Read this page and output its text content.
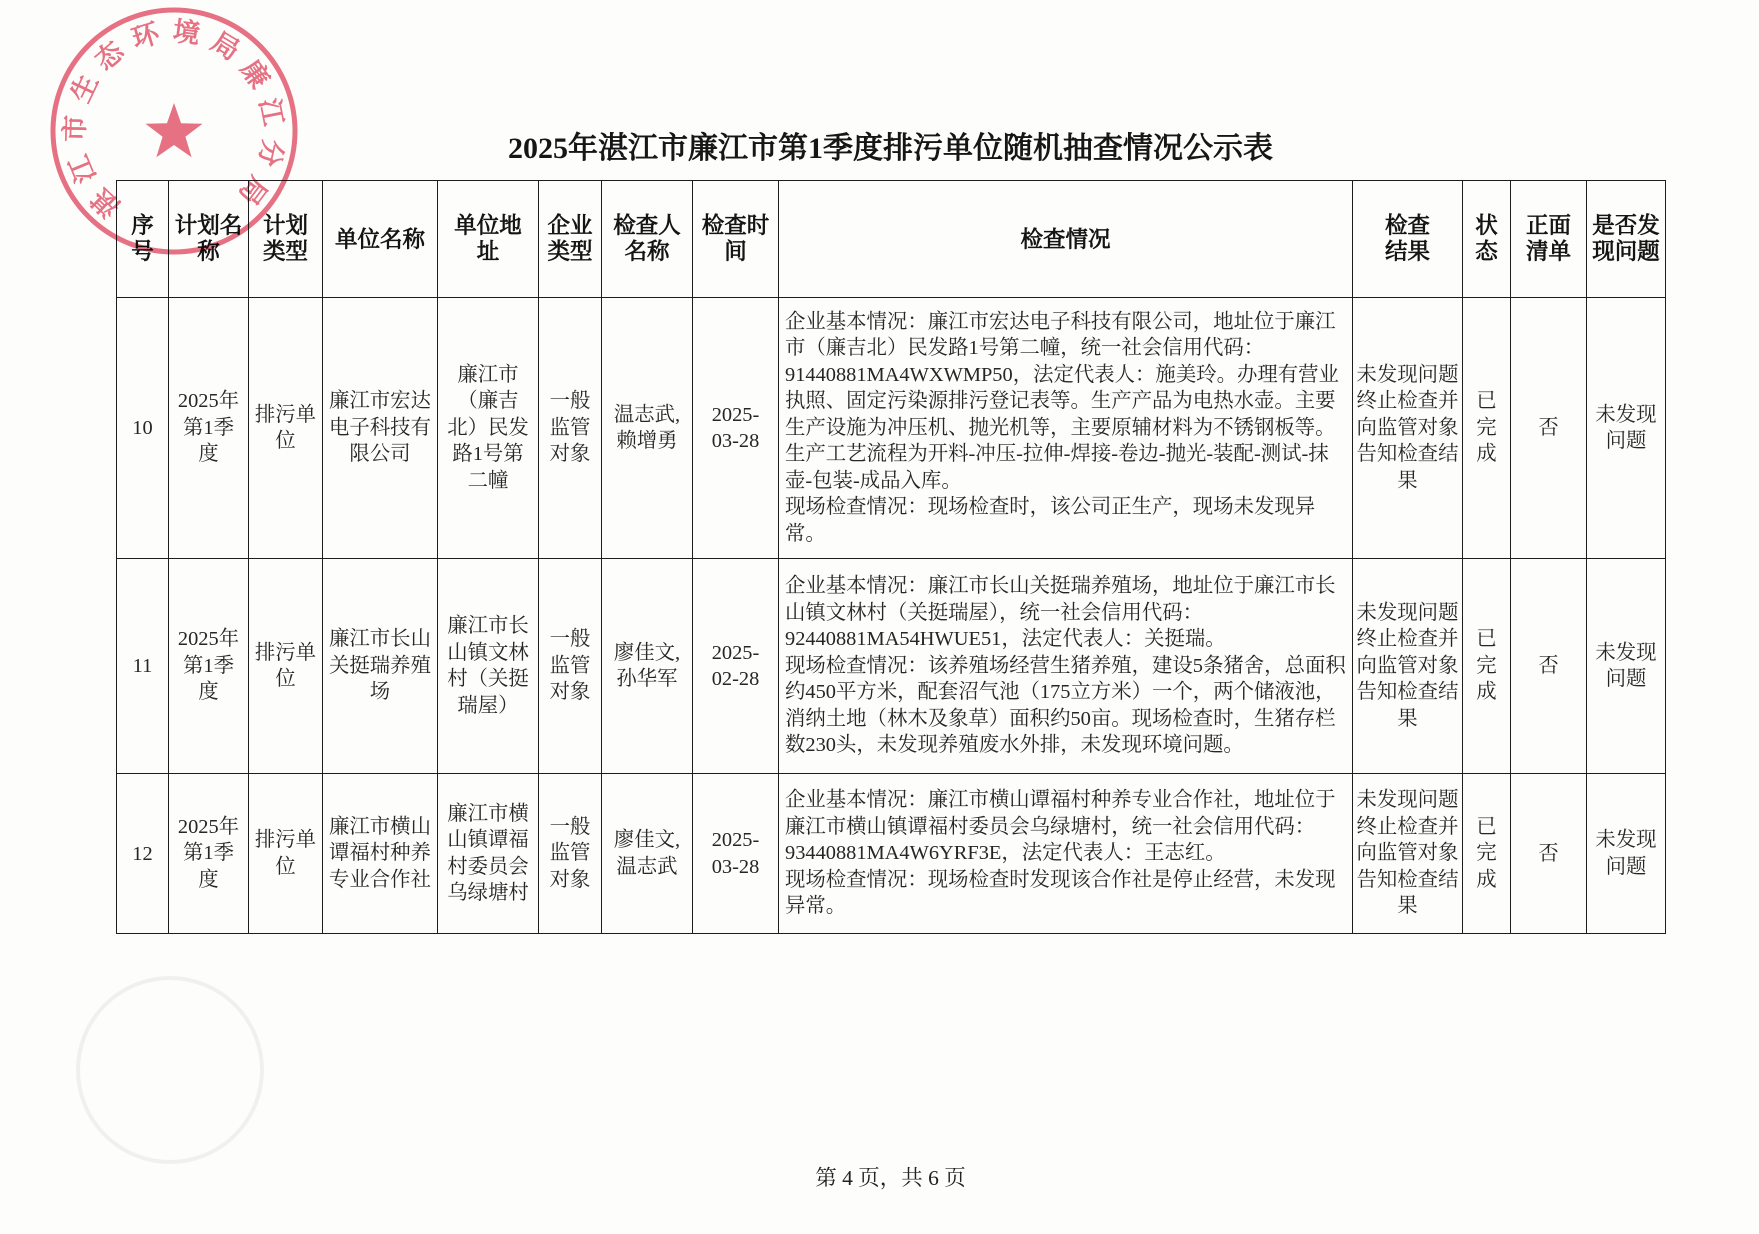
2025年湛江市廉江市第1季度排污单位随机抽查情况公示表
序号	计划名称	计划类型	单位名称	单位地址	企业类型	检查人名称	检查时间	检查情况	检查结果	状态	正面清单	是否发现问题
10	2025年第1季度	排污单位	廉江市宏达电子科技有限公司	廉江市（廉吉北）民发路1号第二幢	一般监管对象	温志武,赖增勇	2025-03-28	企业基本情况：廉江市宏达电子科技有限公司，地址位于廉江市（廉吉北）民发路1号第二幢，统一社会信用代码：91440881MA4WXWMP50，法定代表人：施美玲。办理有营业执照、固定污染源排污登记表等。生产产品为电热水壶。主要生产设施为冲压机、抛光机等，主要原辅材料为不锈钢板等。生产工艺流程为开料-冲压-拉伸-焊接-卷边-抛光-装配-测试-抹壶-包装-成品入库。
现场检查情况：现场检查时，该公司正生产，现场未发现异常。	未发现问题终止检查并向监管对象告知检查结果	已完成	否	未发现问题
11	2025年第1季度	排污单位	廉江市长山关挺瑞养殖场	廉江市长山镇文林村（关挺瑞屋）	一般监管对象	廖佳文,孙华军	2025-02-28	企业基本情况：廉江市长山关挺瑞养殖场，地址位于廉江市长山镇文林村（关挺瑞屋），统一社会信用代码：92440881MA54HWUE51，法定代表人：关挺瑞。
现场检查情况：该养殖场经营生猪养殖，建设5条猪舍，总面积约450平方米，配套沼气池（175立方米）一个，两个储液池，消纳土地（林木及象草）面积约50亩。现场检查时，生猪存栏数230头，未发现养殖废水外排，未发现环境问题。	未发现问题终止检查并向监管对象告知检查结果	已完成	否	未发现问题
12	2025年第1季度	排污单位	廉江市横山谭福村种养专业合作社	廉江市横山镇谭福村委员会乌绿塘村	一般监管对象	廖佳文,温志武	2025-03-28	企业基本情况：廉江市横山谭福村种养专业合作社，地址位于廉江市横山镇谭福村委员会乌绿塘村，统一社会信用代码：93440881MA4W6YRF3E，法定代表人：王志红。
现场检查情况：现场检查时发现该合作社是停止经营，未发现异常。	未发现问题终止检查并向监管对象告知检查结果	已完成	否	未发现问题
湛江市生态环境局廉江分局
第 4 页，共 6 页
